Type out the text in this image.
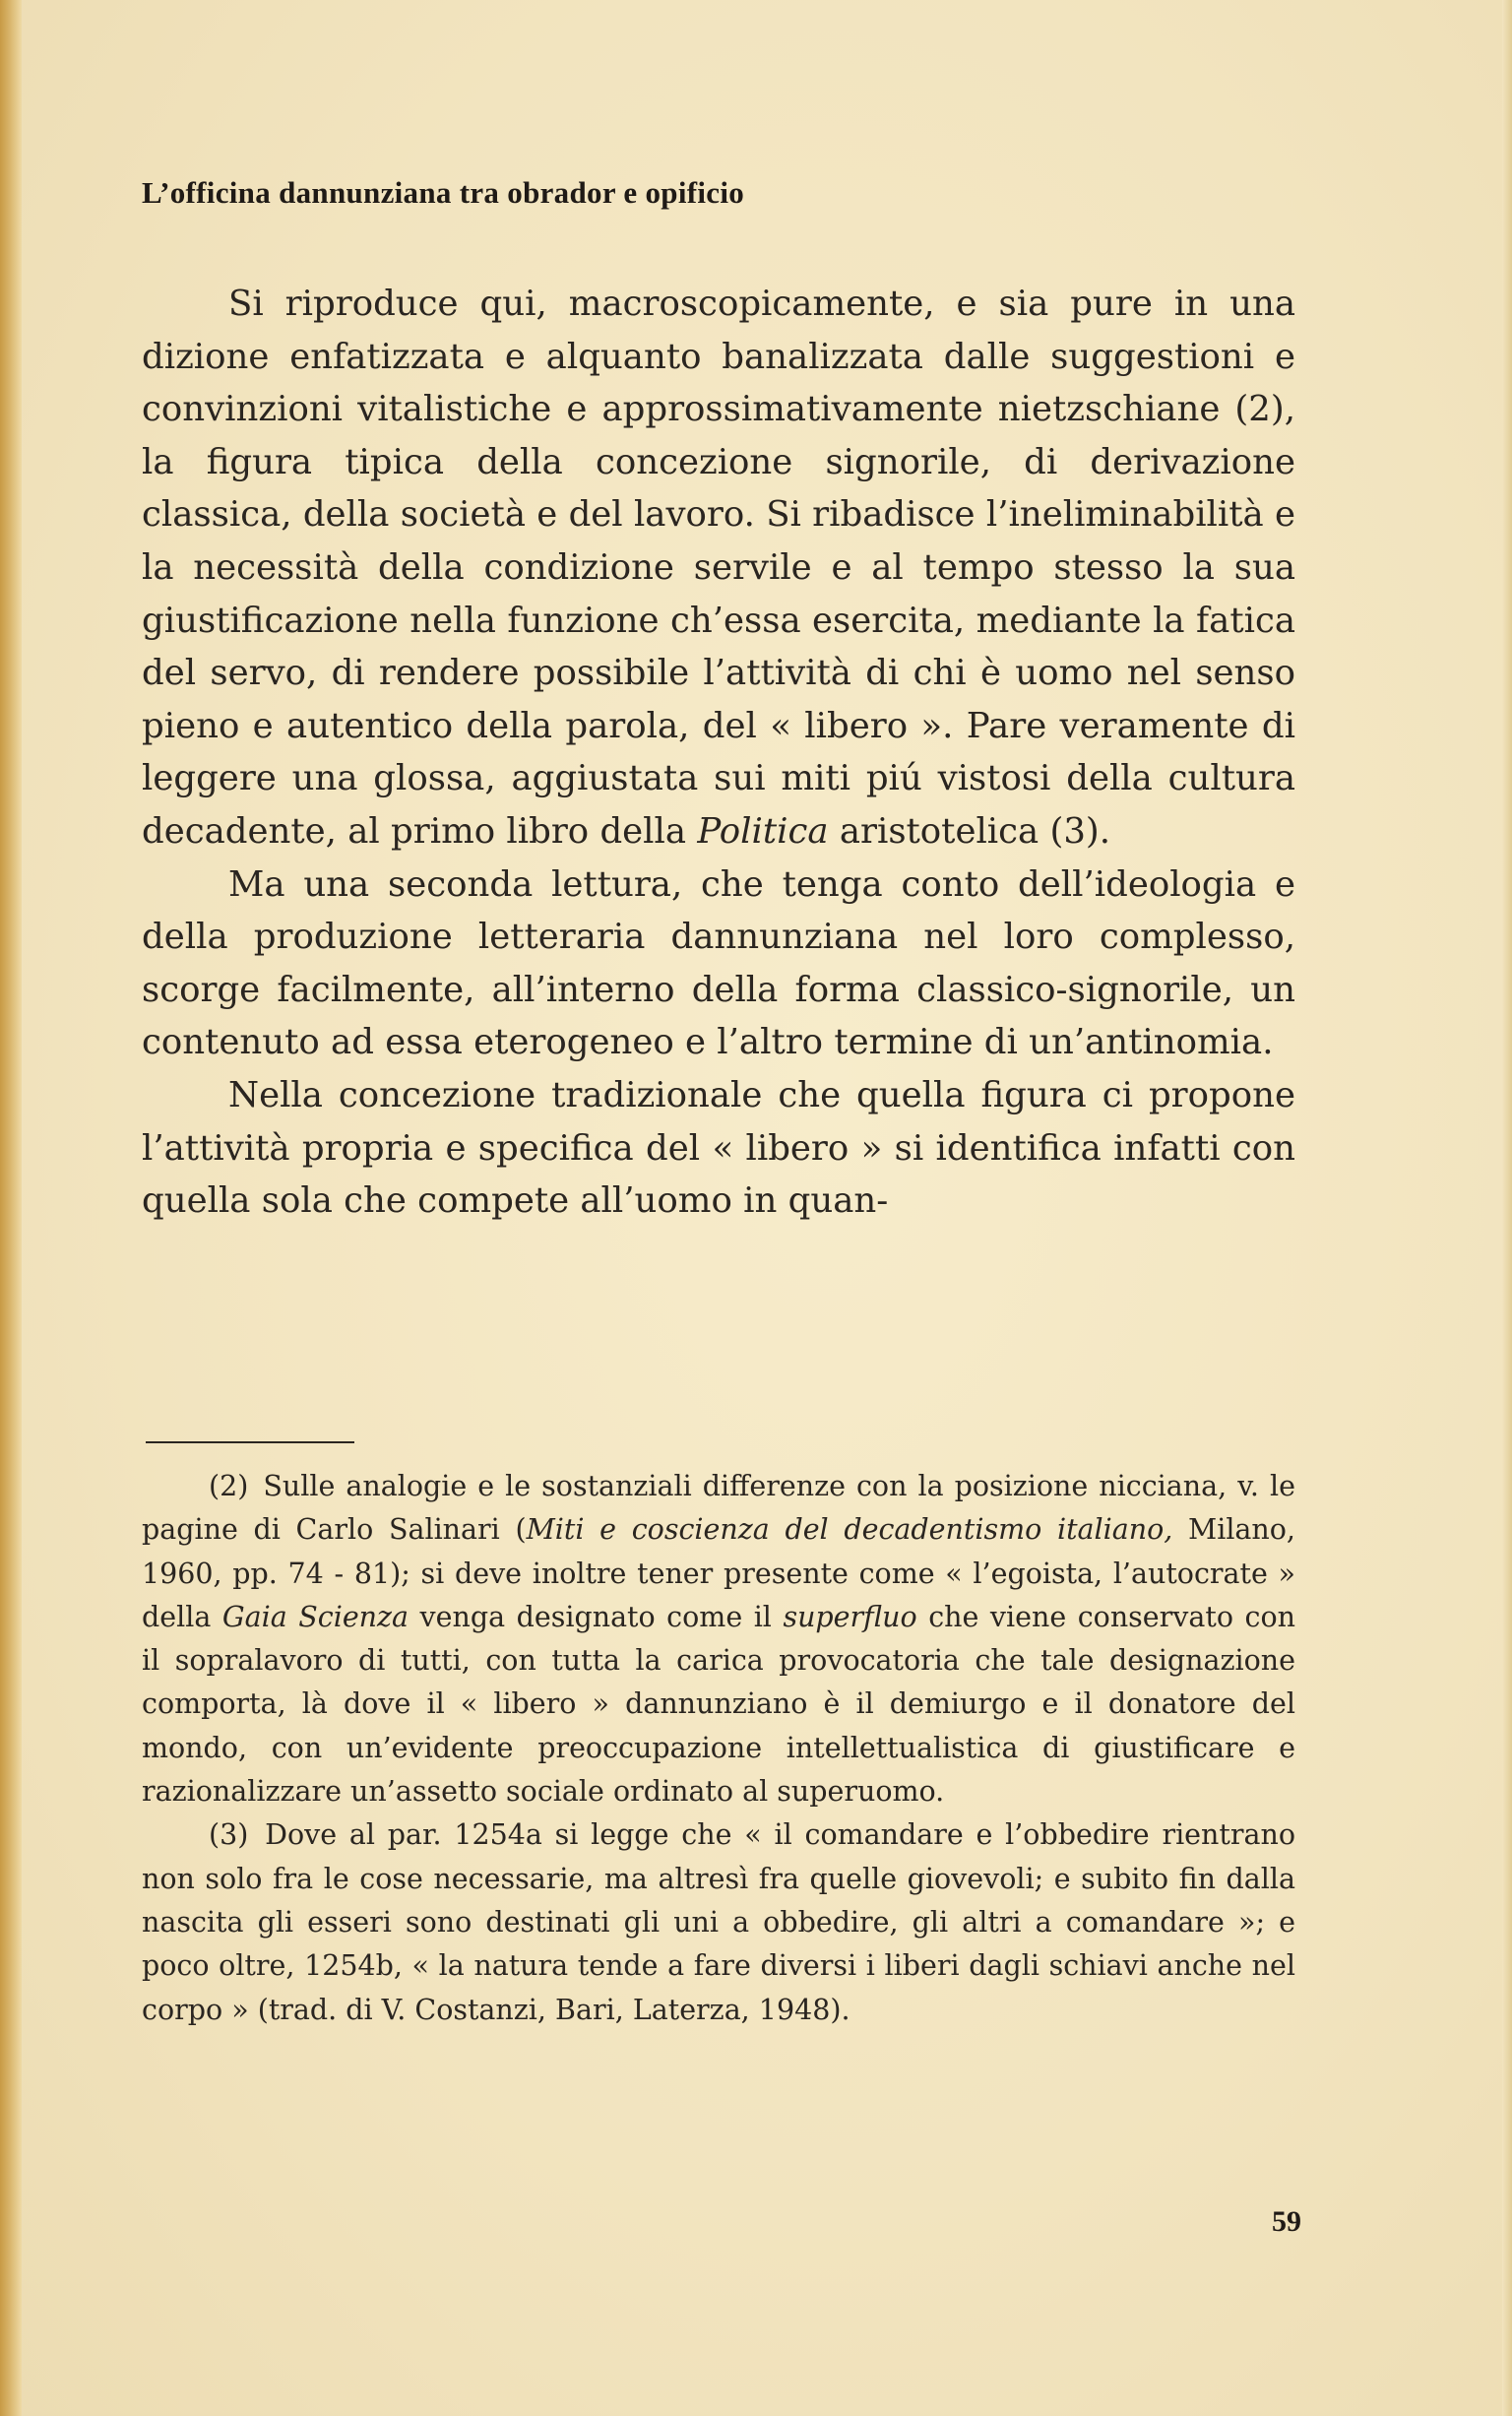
L’officina dannunziana tra obrador e opificio

Si riproduce qui, macroscopicamente, e sia pure in una dizione enfatizzata e alquanto banalizzata dalle suggestioni e convinzioni vitalistiche e approssimativamente nietzschiane (2), la figura tipica della concezione signorile, di derivazione classica, della società e del lavoro. Si ribadisce l’ineliminabilità e la necessità della condizione servile e al tempo stesso la sua giustificazione nella funzione ch’essa esercita, mediante la fatica del servo, di rendere possibile l’attività di chi è uomo nel senso pieno e autentico della parola, del « libero ». Pare veramente di leggere una glossa, aggiustata sui miti piú vistosi della cultura decadente, al primo libro della Politica aristotelica (3).

Ma una seconda lettura, che tenga conto dell’ideologia e della produzione letteraria dannunziana nel loro complesso, scorge facilmente, all’interno della forma classico-signorile, un contenuto ad essa eterogeneo e l’altro termine di un’antinomia.

Nella concezione tradizionale che quella figura ci propone l’attività propria e specifica del « libero » si identifica infatti con quella sola che compete all’uomo in quan-

(2) Sulle analogie e le sostanziali differenze con la posizione nicciana, v. le pagine di Carlo Salinari (Miti e coscienza del decadentismo italiano, Milano, 1960, pp. 74 - 81); si deve inoltre tener presente come « l’egoista, l’autocrate » della Gaia Scienza venga designato come il superfluo che viene conservato con il sopralavoro di tutti, con tutta la carica provocatoria che tale designazione comporta, là dove il « libero » dannunziano è il demiurgo e il donatore del mondo, con un’evidente preoccupazione intellettualistica di giustificare e razionalizzare un’assetto sociale ordinato al superuomo.

(3) Dove al par. 1254a si legge che « il comandare e l’obbedire rientrano non solo fra le cose necessarie, ma altresì fra quelle giovevoli; e subito fin dalla nascita gli esseri sono destinati gli uni a obbedire, gli altri a comandare »; e poco oltre, 1254b, « la natura tende a fare diversi i liberi dagli schiavi anche nel corpo » (trad. di V. Costanzi, Bari, Laterza, 1948).

59
